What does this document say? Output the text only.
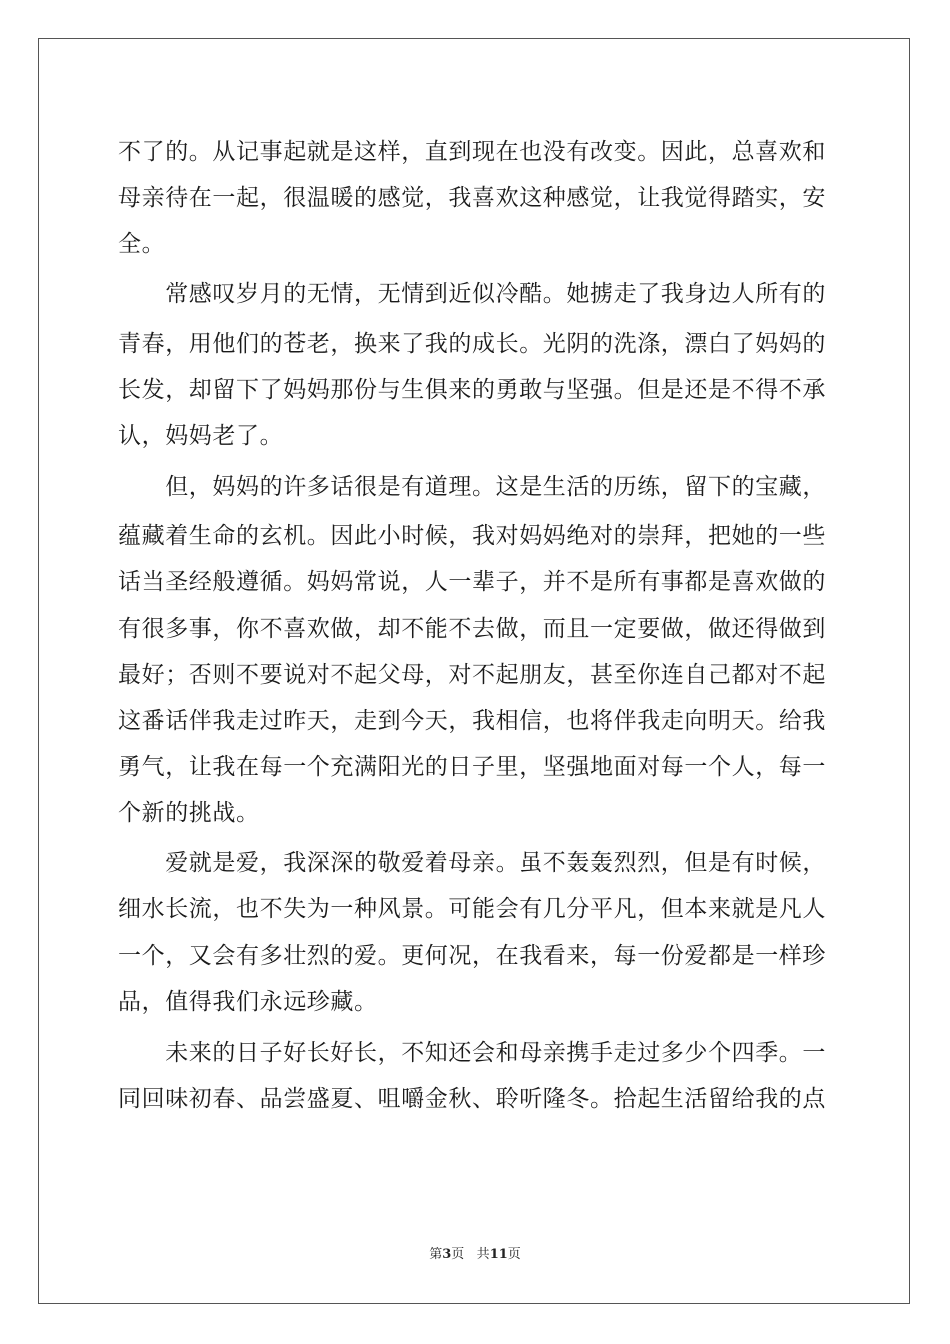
不了的。从记事起就是这样，直到现在也没有改变。因此，总喜欢和
母亲待在一起，很温暖的感觉，我喜欢这种感觉，让我觉得踏实，安
全。
　　常感叹岁月的无情，无情到近似冷酷。她掳走了我身边人所有的
青春，用他们的苍老，换来了我的成长。光阴的洗涤，漂白了妈妈的
长发，却留下了妈妈那份与生俱来的勇敢与坚强。但是还是不得不承
认，妈妈老了。
　　但，妈妈的许多话很是有道理。这是生活的历练，留下的宝藏，
蕴藏着生命的玄机。因此小时候，我对妈妈绝对的崇拜，把她的一些
话当圣经般遵循。妈妈常说，人一辈子，并不是所有事都是喜欢做的
有很多事，你不喜欢做，却不能不去做，而且一定要做，做还得做到
最好；否则不要说对不起父母，对不起朋友，甚至你连自己都对不起
这番话伴我走过昨天，走到今天，我相信，也将伴我走向明天。给我
勇气，让我在每一个充满阳光的日子里，坚强地面对每一个人，每一
个新的挑战。
　　爱就是爱，我深深的敬爱着母亲。虽不轰轰烈烈，但是有时候，
细水长流，也不失为一种风景。可能会有几分平凡，但本来就是凡人
一个，又会有多壮烈的爱。更何况，在我看来，每一份爱都是一样珍
品，值得我们永远珍藏。
　　未来的日子好长好长，不知还会和母亲携手走过多少个四季。一
同回味初春、品尝盛夏、咀嚼金秋、聆听隆冬。拾起生活留给我的点
第3页 共11页
